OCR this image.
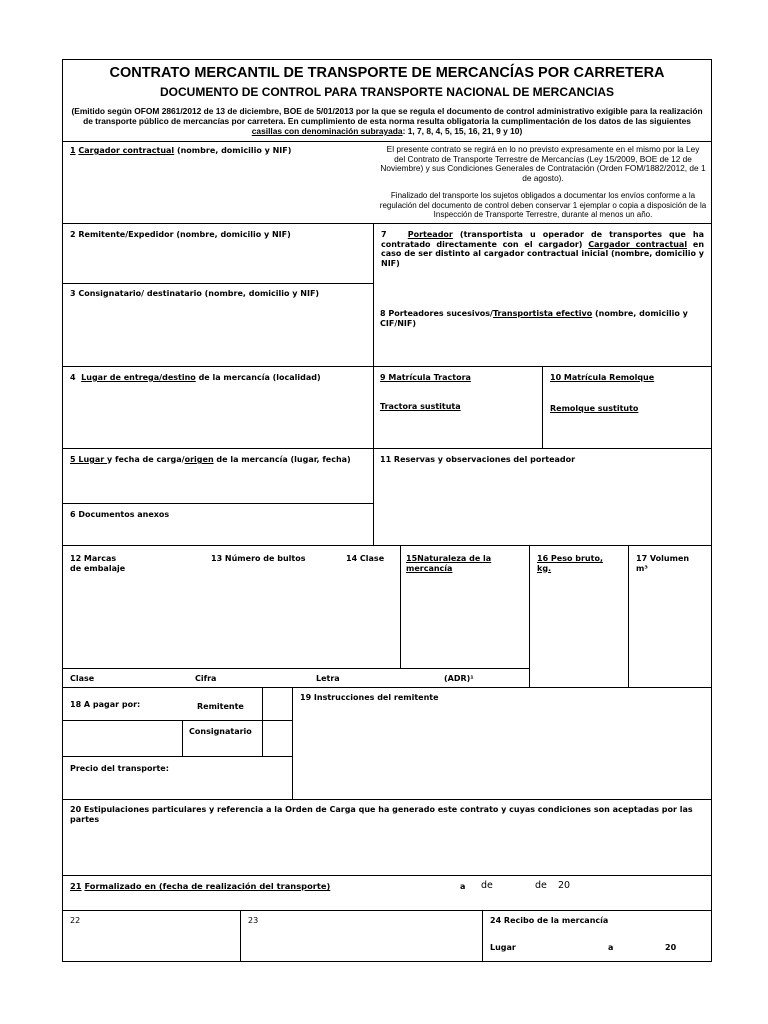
CONTRATO MERCANTIL DE TRANSPORTE DE MERCANCÍAS POR CARRETERA
DOCUMENTO DE CONTROL PARA TRANSPORTE NACIONAL DE MERCANCIAS
(Emitido según OFOM 2861/2012 de 13 de diciembre, BOE de 5/01/2013 por la que se regula el documento de control administrativo exigible para la realización de transporte público de mercancías por carretera. En cumplimiento de esta norma resulta obligatoria la cumplimentación de los datos de las siguientes casillas con denominación subrayada: 1, 7, 8, 4, 5, 15, 16, 21, 9 y 10)
1 Cargador contractual (nombre, domicilio y NIF)	El presente contrato se regirá en lo no previsto expresamente en el mismo por la Ley del Contrato de Transporte Terrestre de Mercancías (Ley 15/2009, BOE de 12 de Noviembre) y sus Condiciones Generales de Contratación (Orden FOM/1882/2012, de 1 de agosto).
Finalizado del transporte los sujetos obligados a documentar los envíos conforme a la regulación del documento de control deben conservar 1 ejemplar o copia a disposición de la Inspección de Transporte Terrestre, durante al menos un año.
2 Remitente/Expedidor (nombre, domicilio y NIF)	7	Porteador (transportista u operador de transportes que ha contratado directamente con el cargador) Cargador contractual en caso de ser distinto al cargador contractual inicial (nombre, domicilio y NIF)
3 Consignatario/ destinatario (nombre, domicilio y NIF)
8 Porteadores sucesivos/Transportista efectivo (nombre, domicilio y CIF/NIF)
4 Lugar de entrega/destino de la mercancía (localidad)	9 Matrícula Tractora
Tractora sustituta
10 Matrícula Remolque
Remolque sustituto
5 Lugar y fecha de carga/origen de la mercancía (lugar, fecha)	11 Reservas y observaciones del porteador
6 Documentos anexos
12 Marcas
de embalaje
13 Número de bultos	14 Clase	15Naturaleza de la mercancía
16 Peso bruto, kg.
17 Volumen
m³
Clase	Cifra	Letra	(ADR)¹
18 A pagar por:	Remitente
Consignatario
Precio del transporte:
19 Instrucciones del remitente
20 Estipulaciones particulares y referencia a la Orden de Carga que ha generado este contrato y cuyas condiciones son aceptadas por las partes
21 Formalizado en (fecha de realización del transporte)	a de	de 20
22	23	24 Recibo de la mercancía
Lugar	a	20
